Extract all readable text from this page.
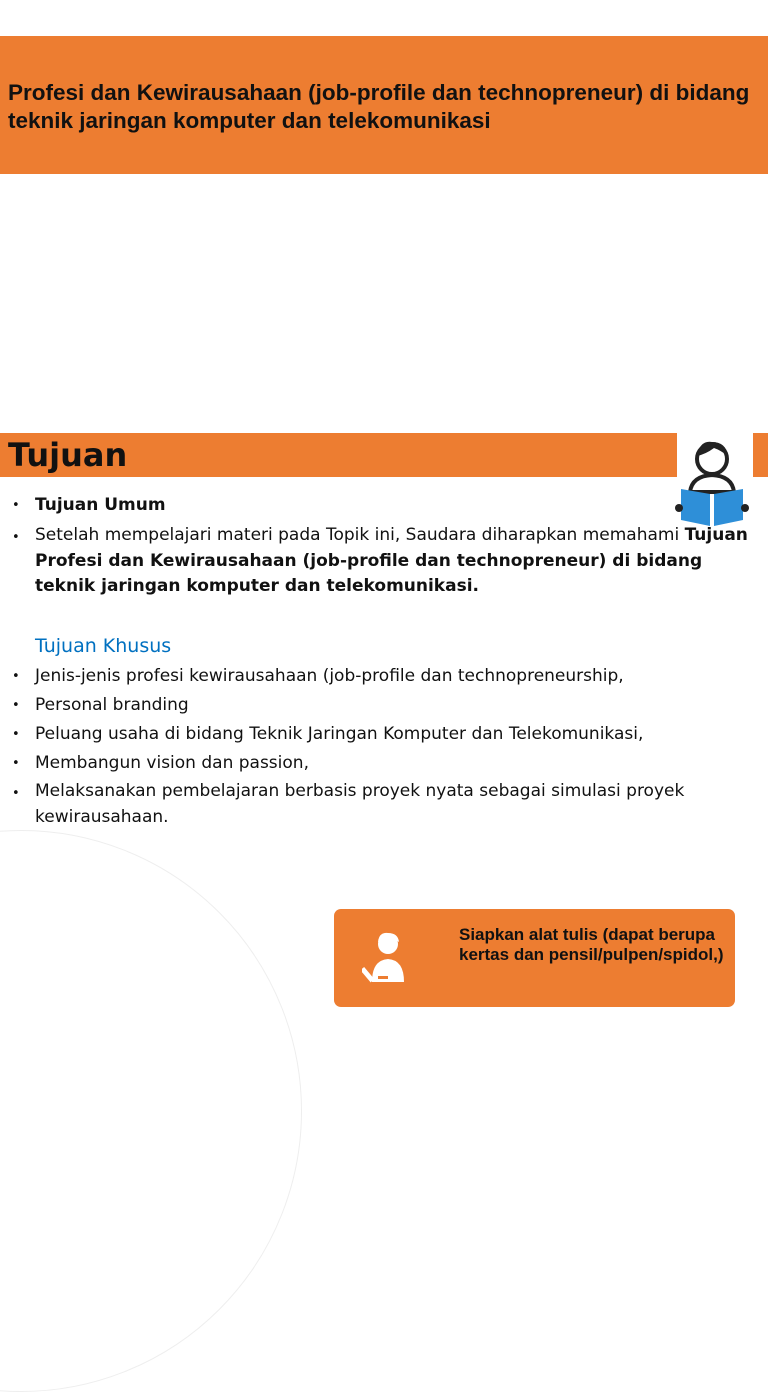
Profesi dan Kewirausahaan (job-profile dan technopreneur) di bidang teknik jaringan komputer dan telekomunikasi
Tujuan
• Tujuan Umum

• Setelah mempelajari materi pada Topik ini, Saudara diharapkan memahami Tujuan Profesi dan Kewirausahaan (job-profile dan technopreneur) di bidang teknik jaringan komputer dan telekomunikasi.

Tujuan Khusus
• Jenis-jenis profesi kewirausahaan (job-profile dan technopreneurship,

• Personal branding

• Peluang usaha di bidang Teknik Jaringan Komputer dan Telekomunikasi,

• Membangun vision dan passion,

• Melaksanakan pembelajaran berbasis proyek nyata sebagai simulasi proyek kewirausahaan.

Siapkan alat tulis (dapat berupa kertas dan pensil/pulpen/spidol,)
